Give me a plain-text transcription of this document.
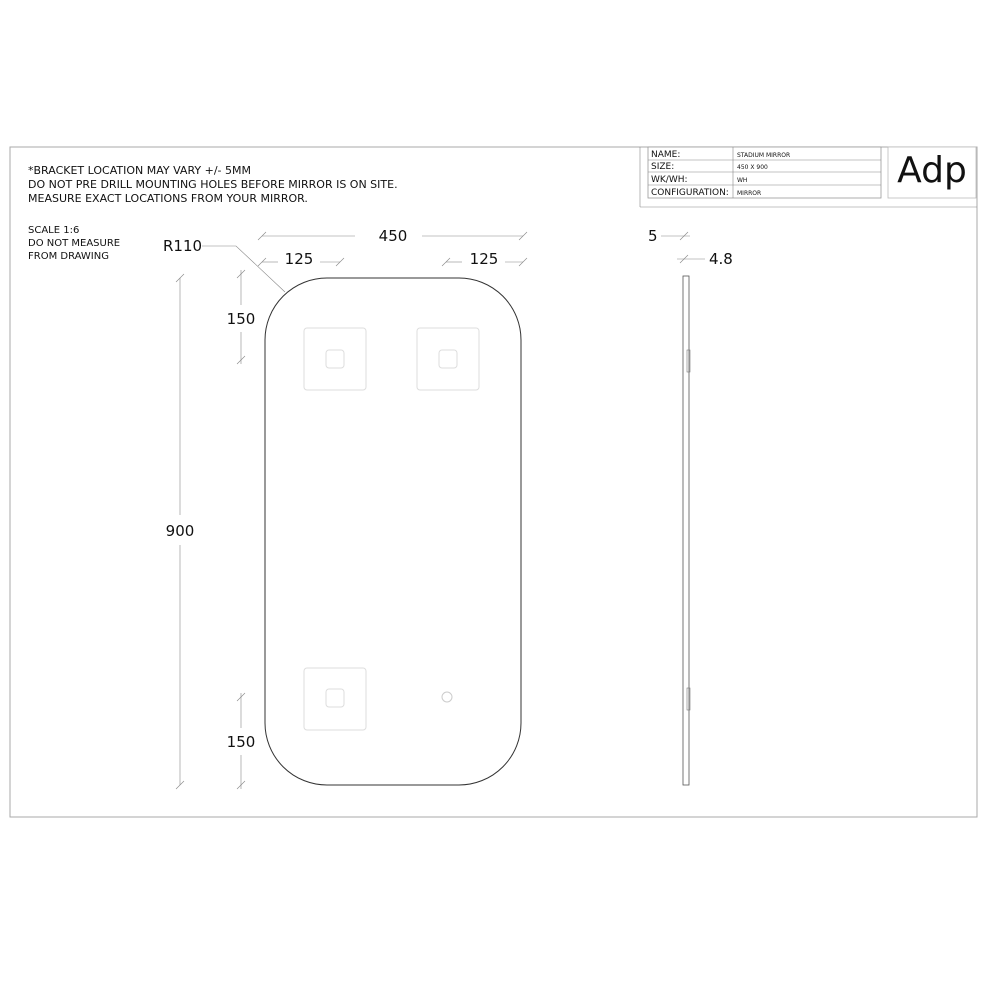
NAME:	STADIUM MIRROR
SIZE:	450 X 900
WK/WH:	WH
CONFIGURATION: MIRROR
Adp
*BRACKET LOCATION MAY VARY +/- 5MM
DO NOT PRE DRILL MOUNTING HOLES BEFORE MIRROR IS ON SITE.
MEASURE EXACT LOCATIONS FROM YOUR MIRROR.
SCALE 1:6
DO NOT MEASURE
FROM DRAWING
R110
450
125	125
150
900
150
5
4.8
